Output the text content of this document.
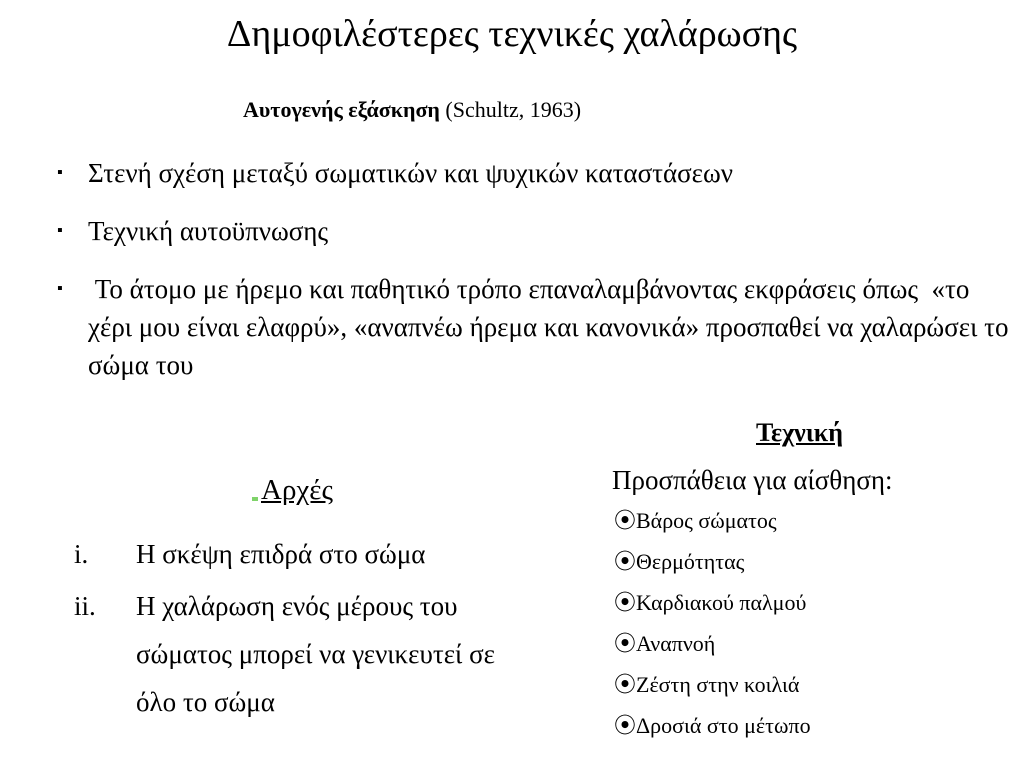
Δημοφιλέστερες τεχνικές χαλάρωσης
Αυτογενής εξάσκηση (Schultz, 1963)
▪ Στενή σχέση μεταξύ σωματικών και ψυχικών καταστάσεων
▪ Τεχνική αυτοϋπνωσης
▪ Το άτομο με ήρεμο και παθητικό τρόπο επαναλαμβάνοντας εκφράσεις όπως  «το χέρι μου είναι ελαφρύ», «αναπνέω ήρεμα και κανονικά» προσπαθεί να χαλαρώσει το σώμα του
Αρχές
i. Η σκέψη επιδρά στο σώμα
ii. Η χαλάρωση ενός μέρους του σώματος μπορεί να γενικευτεί σε όλο το σώμα
Τεχνική
Προσπάθεια για αίσθηση:
⦿Βάρος σώματος
⦿Θερμότητας
⦿Καρδιακού παλμού
⦿Αναπνοή
⦿Ζέστη στην κοιλιά
⦿Δροσιά στο μέτωπο
